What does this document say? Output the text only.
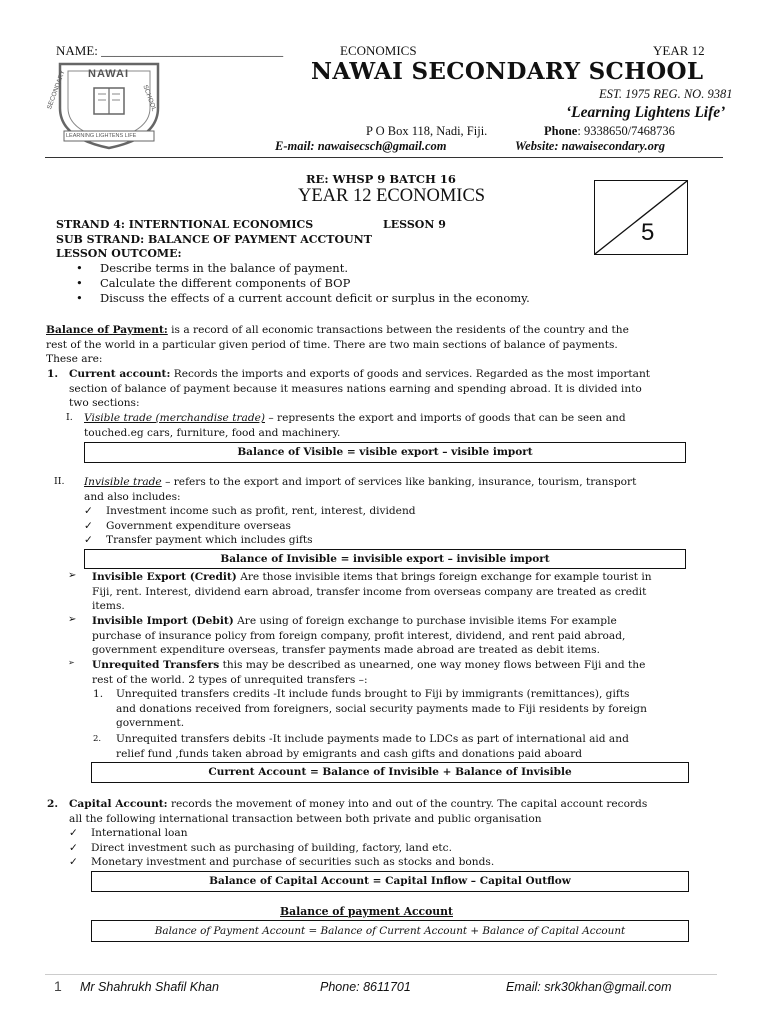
NAME: ____________________________	ECONOMICS	YEAR 12
NAWAI
SECONDARY	SCHOOL
LEARNING LIGHTENS LIFE
NAWAI SECONDARY SCHOOL
EST. 1975 REG. NO. 9381
‘Learning Lightens Life’
P O Box 118, Nadi, Fiji.	Phone: 9338650/7468736
E-mail: nawaisecsch@gmail.com	Website: nawaisecondary.org
RE: WHSP 9 BATCH 16
YEAR 12 ECONOMICS
5
STRAND 4: INTERNTIONAL ECONOMICS	LESSON 9
SUB STRAND: BALANCE OF PAYMENT ACCTOUNT
LESSON OUTCOME:
• Describe terms in the balance of payment.
• Calculate the different components of BOP
• Discuss the effects of a current account deficit or surplus in the economy.
Balance of Payment: is a record of all economic transactions between the residents of the country and the
rest of the world in a particular given period of time. There are two main sections of balance of payments.
These are:
1. Current account: Records the imports and exports of goods and services. Regarded as the most important
section of balance of payment because it measures nations earning and spending abroad. It is divided into
two sections:
I. Visible trade (merchandise trade) – represents the export and imports of goods that can be seen and
touched.eg cars, furniture, food and machinery.
Balance of Visible = visible export – visible import
II. Invisible trade – refers to the export and import of services like banking, insurance, tourism, transport
and also includes:
✓ Investment income such as profit, rent, interest, dividend
✓ Government expenditure overseas
✓ Transfer payment which includes gifts
Balance of Invisible = invisible export – invisible import
➢ Invisible Export (Credit) Are those invisible items that brings foreign exchange for example tourist in
Fiji, rent. Interest, dividend earn abroad, transfer income from overseas company are treated as credit
items.
➢ Invisible Import (Debit) Are using of foreign exchange to purchase invisible items For example
purchase of insurance policy from foreign company, profit interest, dividend, and rent paid abroad,
government expenditure overseas, transfer payments made abroad are treated as debit items.
➢ Unrequited Transfers this may be described as unearned, one way money flows between Fiji and the
rest of the world. 2 types of unrequited transfers –:
1. Unrequited transfers credits -It include funds brought to Fiji by immigrants (remittances), gifts
and donations received from foreigners, social security payments made to Fiji residents by foreign
government.
2. Unrequited transfers debits -It include payments made to LDCs as part of international aid and
relief fund ,funds taken abroad by emigrants and cash gifts and donations paid aboard
Current Account = Balance of Invisible + Balance of Invisible
2. Capital Account: records the movement of money into and out of the country. The capital account records
all the following international transaction between both private and public organisation
✓ International loan
✓ Direct investment such as purchasing of building, factory, land etc.
✓ Monetary investment and purchase of securities such as stocks and bonds.
Balance of Capital Account = Capital Inflow – Capital Outflow
Balance of payment Account
Balance of Payment Account = Balance of Current Account + Balance of Capital Account
1 Mr Shahrukh Shafil Khan	Phone: 8611701	Email: srk30khan@gmail.com
